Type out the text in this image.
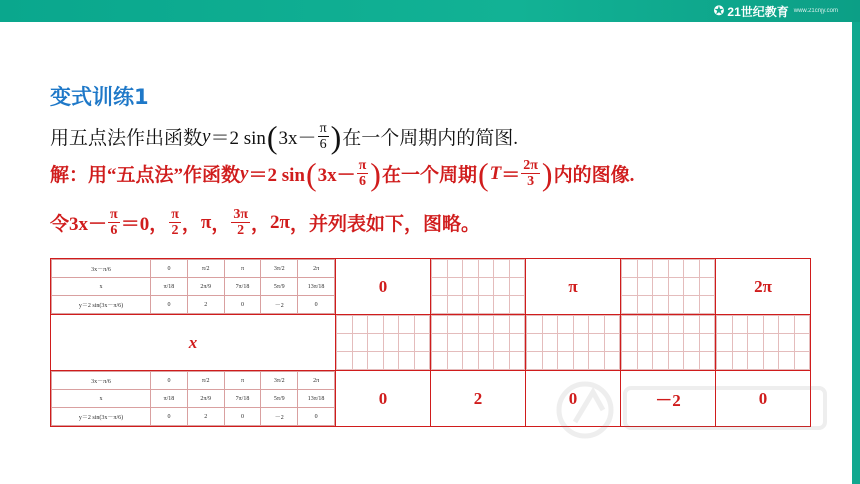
✪ 21世纪教育 www.21cnjy.com
变式训练1
用五点法作出函数 y ＝2 sin ( $3x- \frac{\pi}{6}$ ) 在一个周期内的简图.
解：用“五点法”作函数 y ＝2 sin ( $3x- \frac{\pi}{6}$ ) 在一个周期 ( $T = \frac{2\pi}{3}$ ) 内的图像.
令 $3x- \frac{\pi}{6} =0$， $\frac{\pi}{2}$ ， π ， $\frac{3\pi}{2}$ ， 2π ，并列表如下，图略。
3x－π/6	0	π/2	π	3π/2	2π
x	π/18	2π/9	7π/18	5π/9	13π/18
y＝2 sin(3x－π/6)	0	2	0	－2	0
	0																	π																	2π
x	

3x－π/6	0	π/2	π	3π/2	2π
x	π/18	2π/9	7π/18	5π/9	13π/18
y＝2 sin(3x－π/6)	0	2	0	－2	0
	0	2	0	－2	0
